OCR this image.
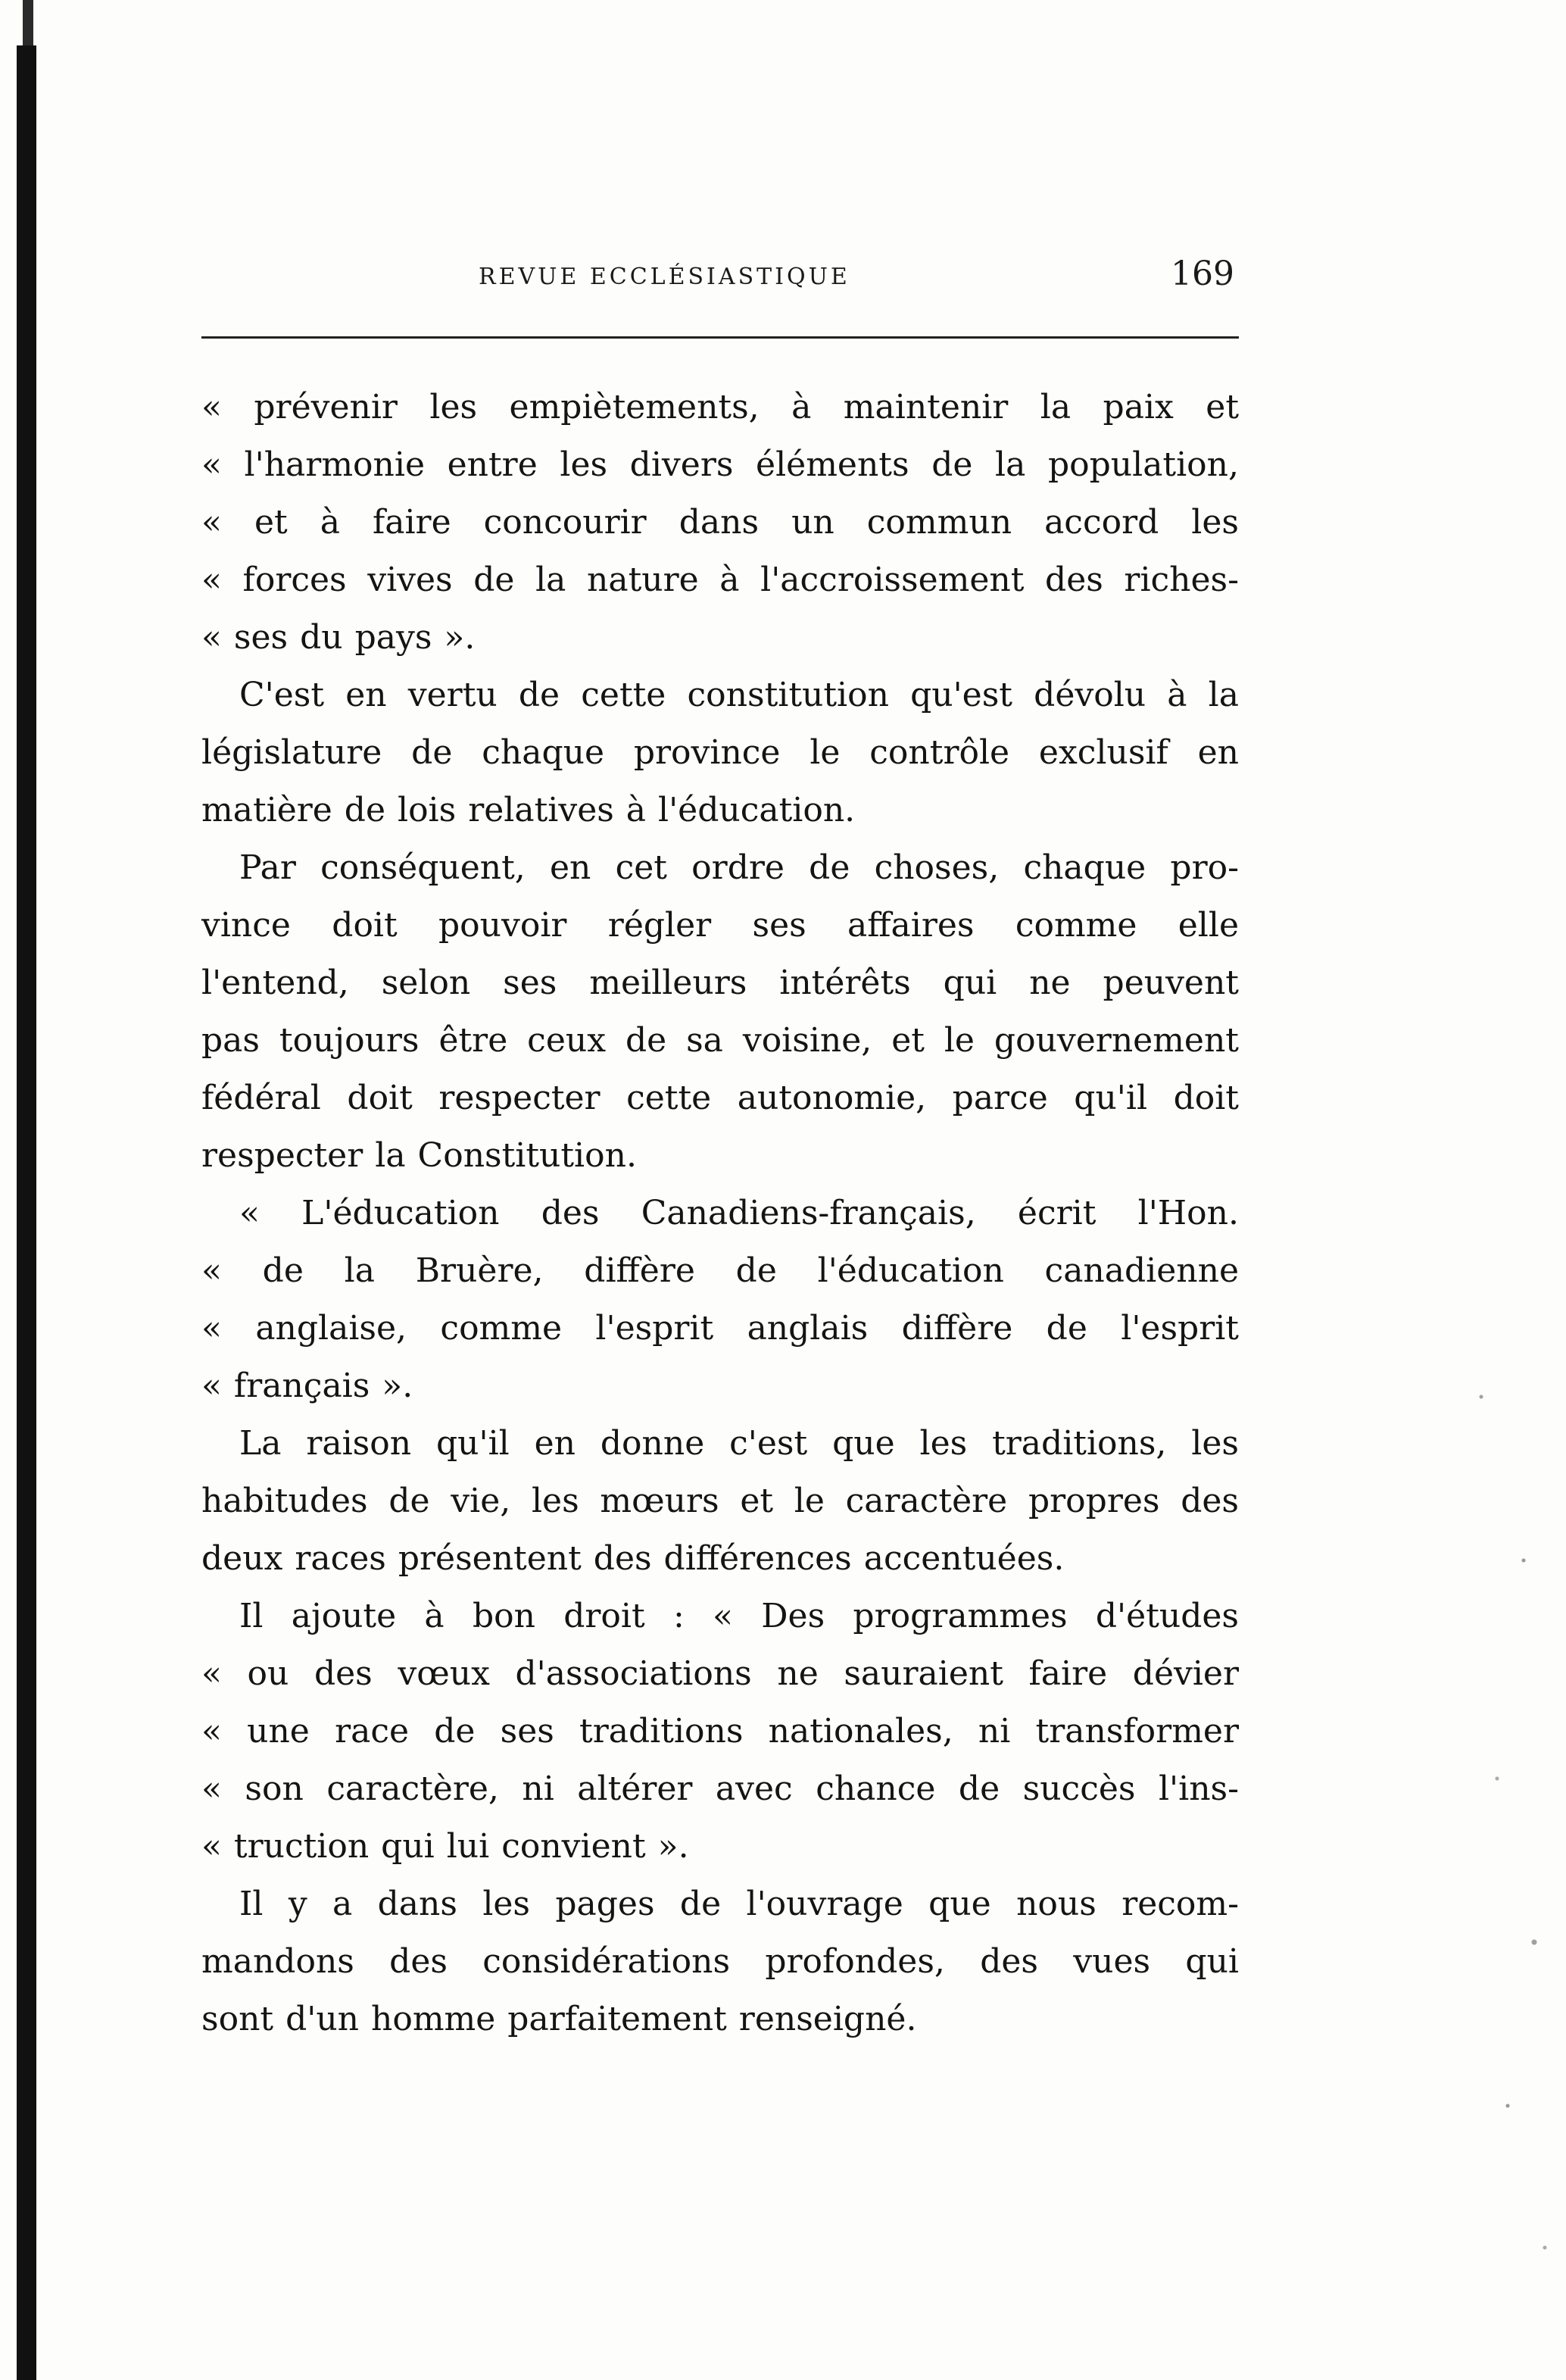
REVUE ECCLÉSIASTIQUE	169

« prévenir les empiètements, à maintenir la paix et
« l'harmonie entre les divers éléments de la population,
« et à faire concourir dans un commun accord les
« forces vives de la nature à l'accroissement des riches-
« ses du pays ».

C'est en vertu de cette constitution qu'est dévolu à la
législature de chaque province le contrôle exclusif en
matière de lois relatives à l'éducation.

Par conséquent, en cet ordre de choses, chaque pro-
vince doit pouvoir régler ses affaires comme elle
l'entend, selon ses meilleurs intérêts qui ne peuvent
pas toujours être ceux de sa voisine, et le gouvernement
fédéral doit respecter cette autonomie, parce qu'il doit
respecter la Constitution.

« L'éducation des Canadiens-français, écrit l'Hon.
« de la Bruère, diffère de l'éducation canadienne
« anglaise, comme l'esprit anglais diffère de l'esprit
« français ».

La raison qu'il en donne c'est que les traditions, les
habitudes de vie, les mœurs et le caractère propres des
deux races présentent des différences accentuées.

Il ajoute à bon droit : « Des programmes d'études
« ou des vœux d'associations ne sauraient faire dévier
« une race de ses traditions nationales, ni transformer
« son caractère, ni altérer avec chance de succès l'ins-
« truction qui lui convient ».

Il y a dans les pages de l'ouvrage que nous recom-
mandons des considérations profondes, des vues qui
sont d'un homme parfaitement renseigné.
